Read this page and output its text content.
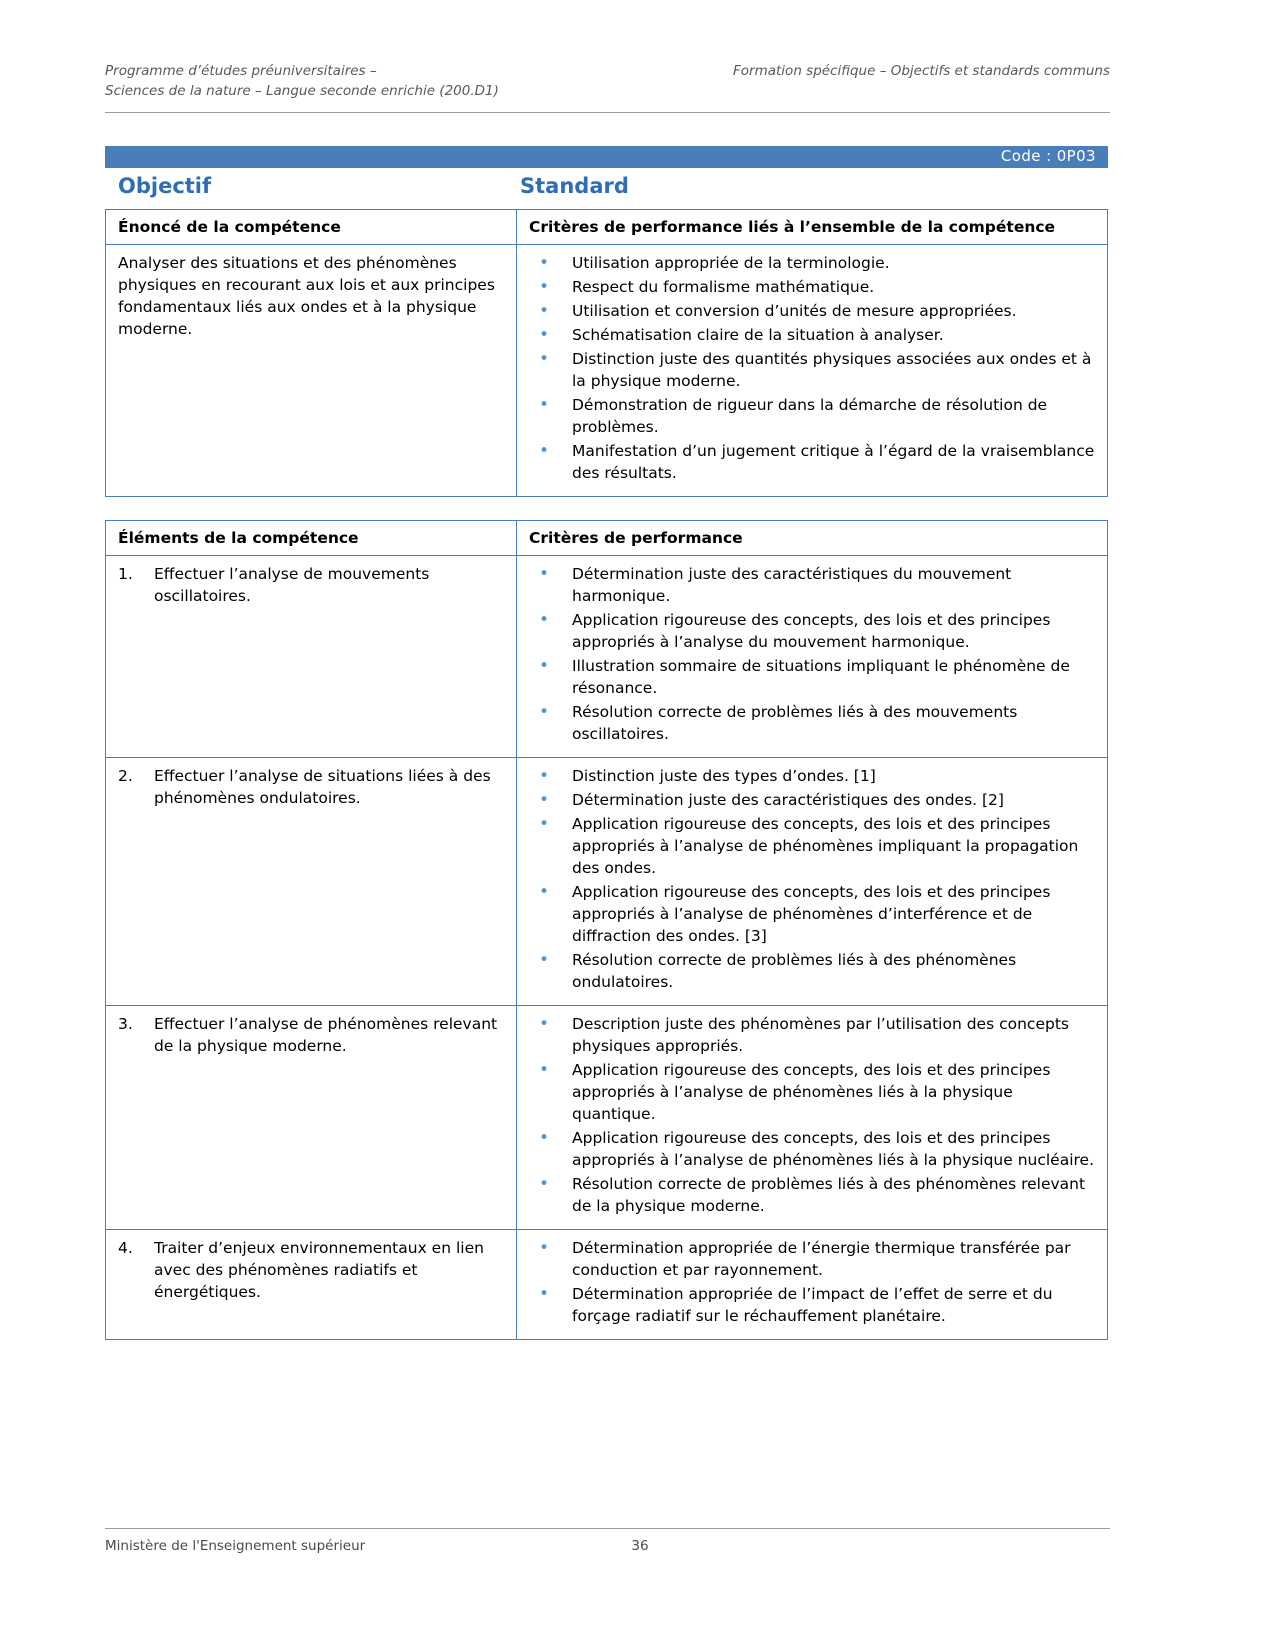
Programme d’études préuniversitaires –
Sciences de la nature – Langue seconde enrichie (200.D1)
Formation spécifique – Objectifs et standards communs
Code : 0P03
Objectif	Standard
Énoncé de la compétence	Critères de performance liés à l’ensemble de la compétence

Analyser des situations et des phénomènes physiques en recourant aux lois et aux principes fondamentaux liés aux ondes et à la physique moderne.

• Utilisation appropriée de la terminologie.
• Respect du formalisme mathématique.
• Utilisation et conversion d’unités de mesure appropriées.
• Schématisation claire de la situation à analyser.
• Distinction juste des quantités physiques associées aux ondes et à la physique moderne.
• Démonstration de rigueur dans la démarche de résolution de problèmes.
• Manifestation d’un jugement critique à l’égard de la vraisemblance des résultats.
Éléments de la compétence	Critères de performance
1. Effectuer l’analyse de mouvements oscillatoires.
• Détermination juste des caractéristiques du mouvement harmonique.
• Application rigoureuse des concepts, des lois et des principes appropriés à l’analyse du mouvement harmonique.
• Illustration sommaire de situations impliquant le phénomène de résonance.
• Résolution correcte de problèmes liés à des mouvements oscillatoires.
2. Effectuer l’analyse de situations liées à des phénomènes ondulatoires.
• Distinction juste des types d’ondes. [1]
• Détermination juste des caractéristiques des ondes. [2]
• Application rigoureuse des concepts, des lois et des principes appropriés à l’analyse de phénomènes impliquant la propagation des ondes.
• Application rigoureuse des concepts, des lois et des principes appropriés à l’analyse de phénomènes d’interférence et de diffraction des ondes. [3]
• Résolution correcte de problèmes liés à des phénomènes ondulatoires.
3. Effectuer l’analyse de phénomènes relevant de la physique moderne.
• Description juste des phénomènes par l’utilisation des concepts physiques appropriés.
• Application rigoureuse des concepts, des lois et des principes appropriés à l’analyse de phénomènes liés à la physique quantique.
• Application rigoureuse des concepts, des lois et des principes appropriés à l’analyse de phénomènes liés à la physique nucléaire.
• Résolution correcte de problèmes liés à des phénomènes relevant de la physique moderne.
4. Traiter d’enjeux environnementaux en lien avec des phénomènes radiatifs et énergétiques.
• Détermination appropriée de l’énergie thermique transférée par conduction et par rayonnement.
• Détermination appropriée de l’impact de l’effet de serre et du forçage radiatif sur le réchauffement planétaire.
Ministère de l'Enseignement supérieur	36
